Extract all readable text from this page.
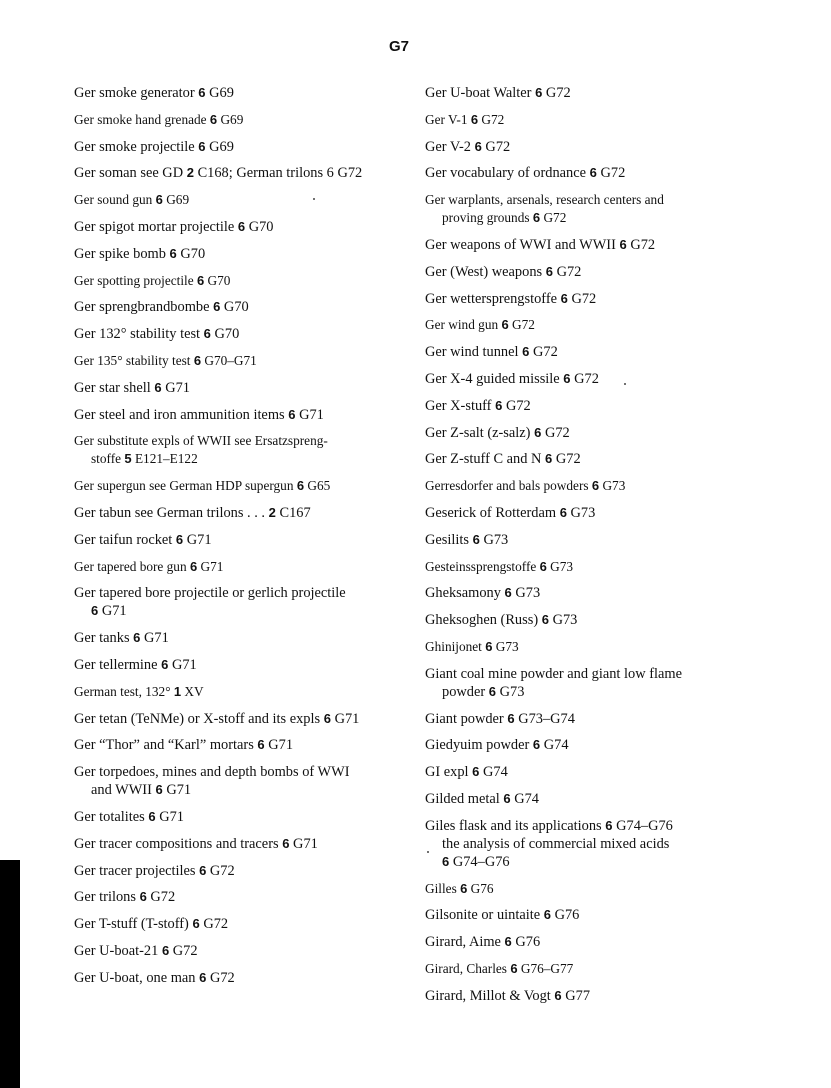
G7
Ger smoke generator 6 G69
Ger smoke hand grenade 6 G69
Ger smoke projectile 6 G69
Ger soman see GD 2 C168; German trilons 6 G72
Ger sound gun 6 G69
Ger spigot mortar projectile 6 G70
Ger spike bomb 6 G70
Ger spotting projectile 6 G70
Ger sprengbrandbombe 6 G70
Ger 132° stability test 6 G70
Ger 135° stability test 6 G70–G71
Ger star shell 6 G71
Ger steel and iron ammunition items 6 G71
Ger substitute expls of WWII see Ersatzspreng-
stoffe 5 E121–E122
Ger supergun see German HDP supergun 6 G65
Ger tabun see German trilons . . . 2 C167
Ger taifun rocket 6 G71
Ger tapered bore gun 6 G71
Ger tapered bore projectile or gerlich projectile
6 G71
Ger tanks 6 G71
Ger tellermine 6 G71
German test, 132° 1 XV
Ger tetan (TeNMe) or X-stoff and its expls 6 G71
Ger “Thor” and “Karl” mortars 6 G71
Ger torpedoes, mines and depth bombs of WWI
and WWII 6 G71
Ger totalites 6 G71
Ger tracer compositions and tracers 6 G71
Ger tracer projectiles 6 G72
Ger trilons 6 G72
Ger T-stuff (T-stoff) 6 G72
Ger U-boat-21 6 G72
Ger U-boat, one man 6 G72
Ger U-boat Walter 6 G72
Ger V-1 6 G72
Ger V-2 6 G72
Ger vocabulary of ordnance 6 G72
Ger warplants, arsenals, research centers and
proving grounds 6 G72
Ger weapons of WWI and WWII 6 G72
Ger (West) weapons 6 G72
Ger wettersprengstoffe 6 G72
Ger wind gun 6 G72
Ger wind tunnel 6 G72
Ger X-4 guided missile 6 G72
Ger X-stuff 6 G72
Ger Z-salt (z-salz) 6 G72
Ger Z-stuff C and N 6 G72
Gerresdorfer and bals powders 6 G73
Geserick of Rotterdam 6 G73
Gesilits 6 G73
Gesteinssprengstoffe 6 G73
Gheksamony 6 G73
Gheksoghen (Russ) 6 G73
Ghinijonet 6 G73
Giant coal mine powder and giant low flame
powder 6 G73
Giant powder 6 G73–G74
Giedyuim powder 6 G74
GI expl 6 G74
Gilded metal 6 G74
Giles flask and its applications 6 G74–G76
the analysis of commercial mixed acids
6 G74–G76
Gilles 6 G76
Gilsonite or uintaite 6 G76
Girard, Aime 6 G76
Girard, Charles 6 G76–G77
Girard, Millot & Vogt 6 G77
